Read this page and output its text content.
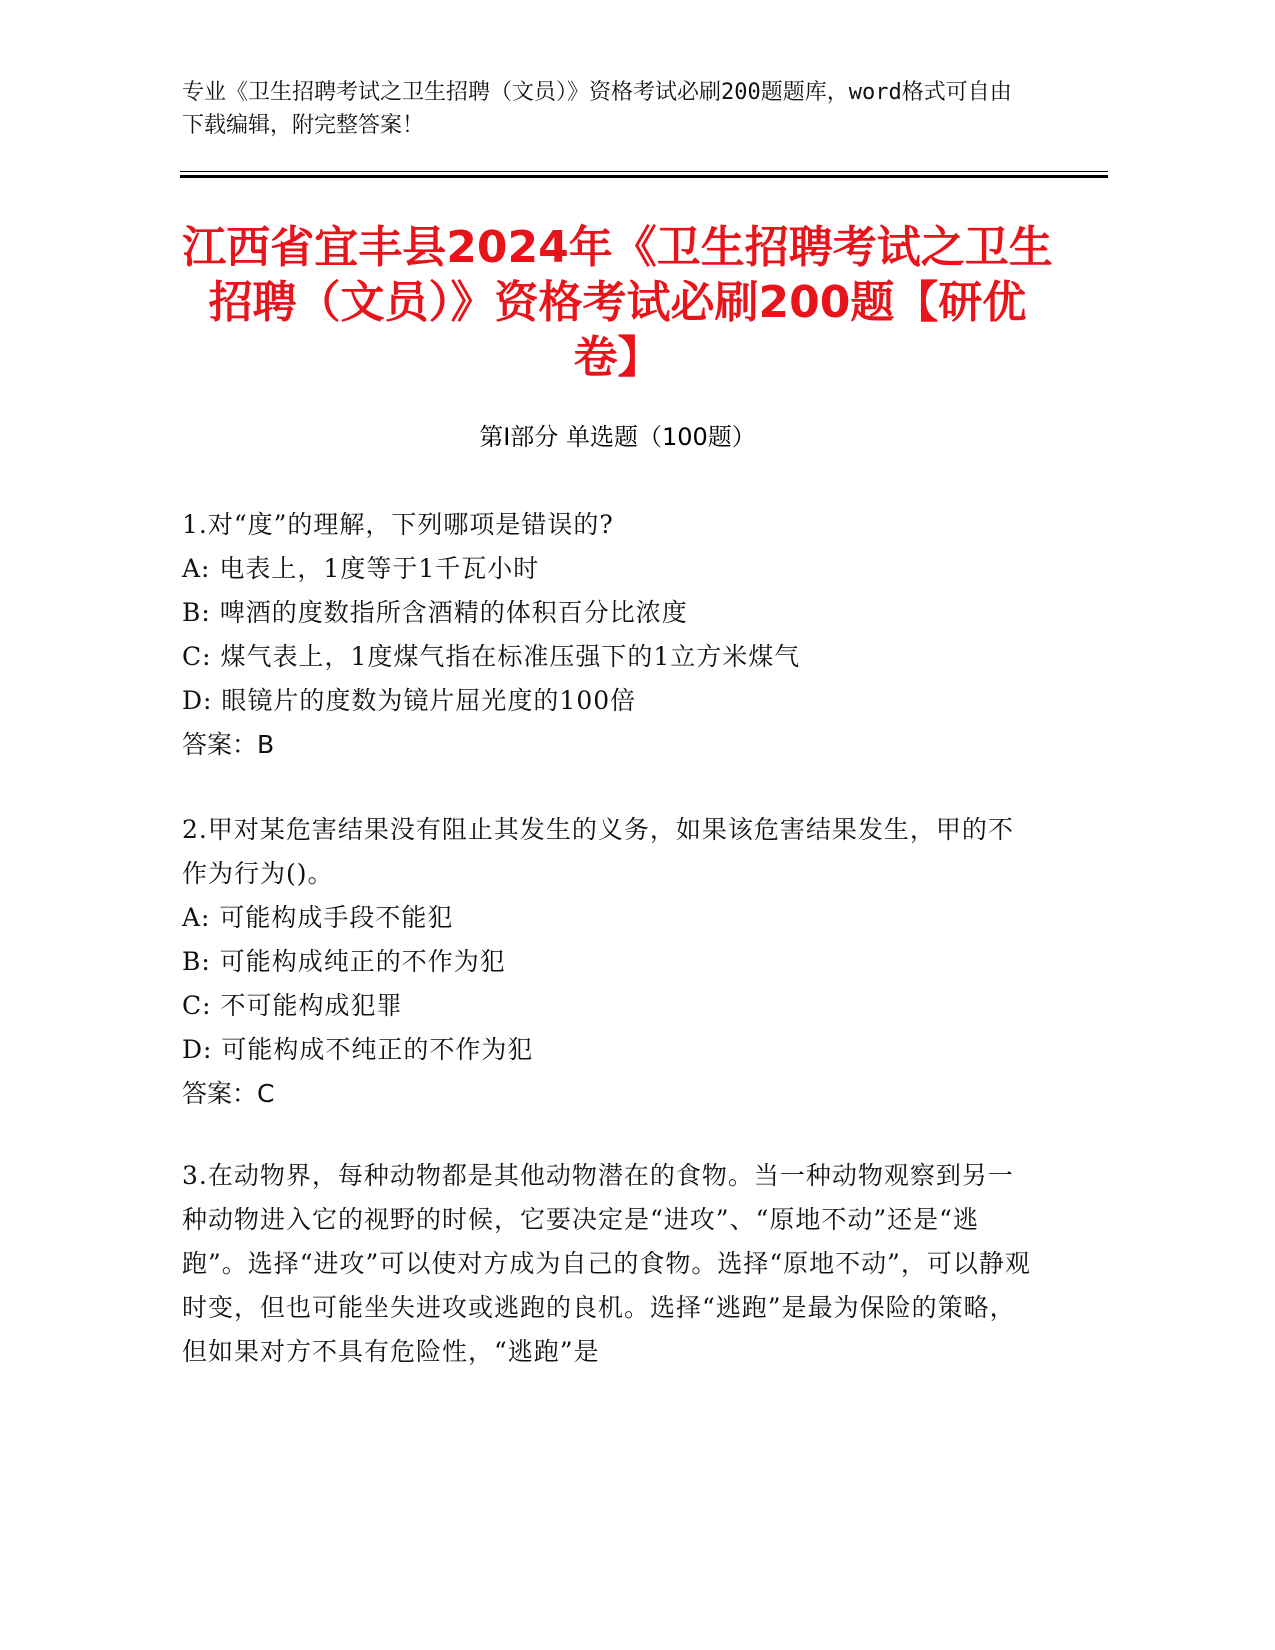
专业《卫生招聘考试之卫生招聘（文员）》资格考试必刷200题题库，word格式可自由下载编辑，附完整答案！
江西省宜丰县2024年《卫生招聘考试之卫生招聘（文员）》资格考试必刷200题【研优卷】
第Ⅰ部分 单选题（100题）
1.对“度”的理解，下列哪项是错误的?
A: 电表上，1度等于1千瓦小时
B: 啤酒的度数指所含酒精的体积百分比浓度
C: 煤气表上，1度煤气指在标准压强下的1立方米煤气
D: 眼镜片的度数为镜片屈光度的100倍
答案：B
2.甲对某危害结果没有阻止其发生的义务，如果该危害结果发生，甲的不作为行为()。
A: 可能构成手段不能犯
B: 可能构成纯正的不作为犯
C: 不可能构成犯罪
D: 可能构成不纯正的不作为犯
答案：C
3.在动物界，每种动物都是其他动物潜在的食物。当一种动物观察到另一种动物进入它的视野的时候，它要决定是“进攻”、“原地不动”还是“逃跑”。选择“进攻”可以使对方成为自己的食物。选择“原地不动”，可以静观时变，但也可能坐失进攻或逃跑的良机。选择“逃跑”是最为保险的策略，但如果对方不具有危险性，“逃跑”是
